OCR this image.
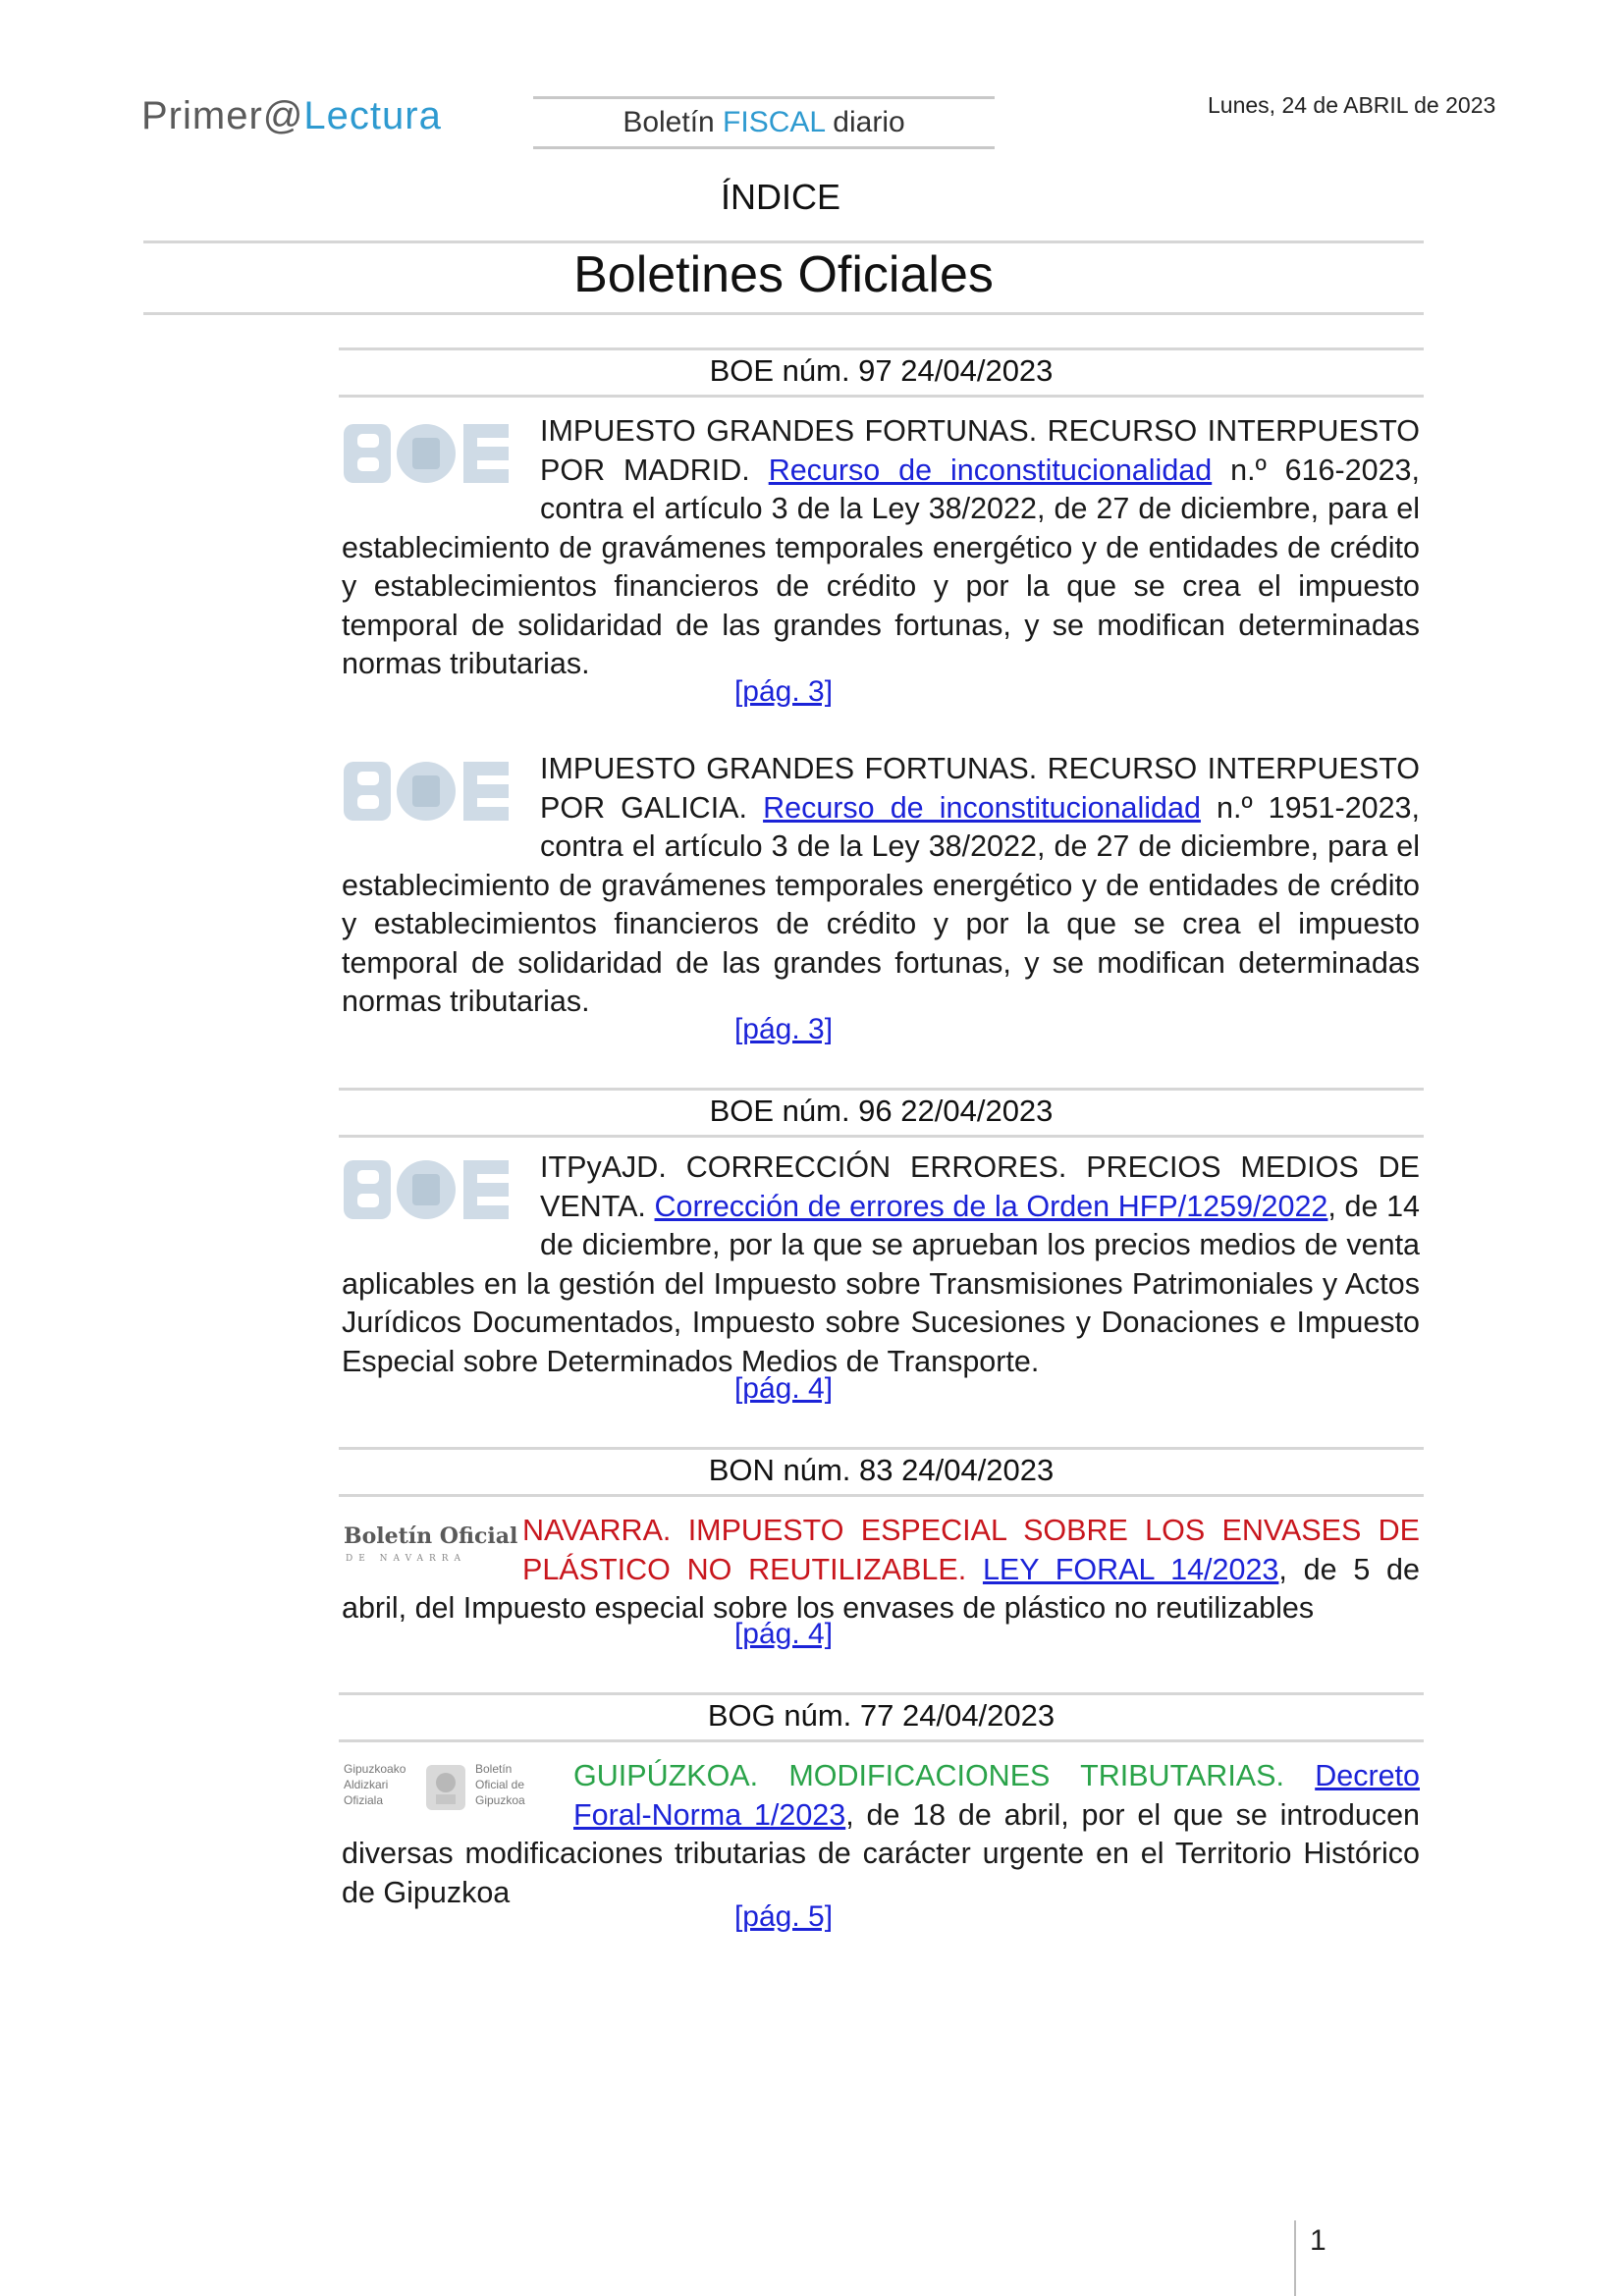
Primer@Lectura	Boletín FISCAL diario
Lunes, 24 de ABRIL de 2023
ÍNDICE
Boletines Oficiales
BOE núm. 97 24/04/2023
IMPUESTO GRANDES FORTUNAS. RECURSO INTERPUESTO POR MADRID. Recurso de inconstitucionalidad n.º 616-2023, contra el artículo 3 de la Ley 38/2022, de 27 de diciembre, para el establecimiento de gravámenes temporales energético y de entidades de crédito y establecimientos financieros de crédito y por la que se crea el impuesto temporal de solidaridad de las grandes fortunas, y se modifican determinadas normas tributarias.
[pág. 3]
IMPUESTO GRANDES FORTUNAS. RECURSO INTERPUESTO POR GALICIA. Recurso de inconstitucionalidad n.º 1951-2023, contra el artículo 3 de la Ley 38/2022, de 27 de diciembre, para el establecimiento de gravámenes temporales energético y de entidades de crédito y establecimientos financieros de crédito y por la que se crea el impuesto temporal de solidaridad de las grandes fortunas, y se modifican determinadas normas tributarias.
[pág. 3]
BOE núm. 96 22/04/2023
ITPyAJD. CORRECCIÓN ERRORES. PRECIOS MEDIOS DE VENTA. Corrección de errores de la Orden HFP/1259/2022, de 14 de diciembre, por la que se aprueban los precios medios de venta aplicables en la gestión del Impuesto sobre Transmisiones Patrimoniales y Actos Jurídicos Documentados, Impuesto sobre Sucesiones y Donaciones e Impuesto Especial sobre Determinados Medios de Transporte.
[pág. 4]
BON núm. 83 24/04/2023
Boletín Oficial
DE NAVARRA
NAVARRA. IMPUESTO ESPECIAL SOBRE LOS ENVASES DE PLÁSTICO NO REUTILIZABLE. LEY FORAL 14/2023, de 5 de abril, del Impuesto especial sobre los envases de plástico no reutilizables
[pág. 4]
BOG núm. 77 24/04/2023
Gipuzkoako
Aldizkari
Ofiziala
Boletín
Oficial de
Gipuzkoa
GUIPÚZKOA. MODIFICACIONES TRIBUTARIAS. Decreto Foral-Norma 1/2023, de 18 de abril, por el que se introducen diversas modificaciones tributarias de carácter urgente en el Territorio Histórico de Gipuzkoa
[pág. 5]
1
